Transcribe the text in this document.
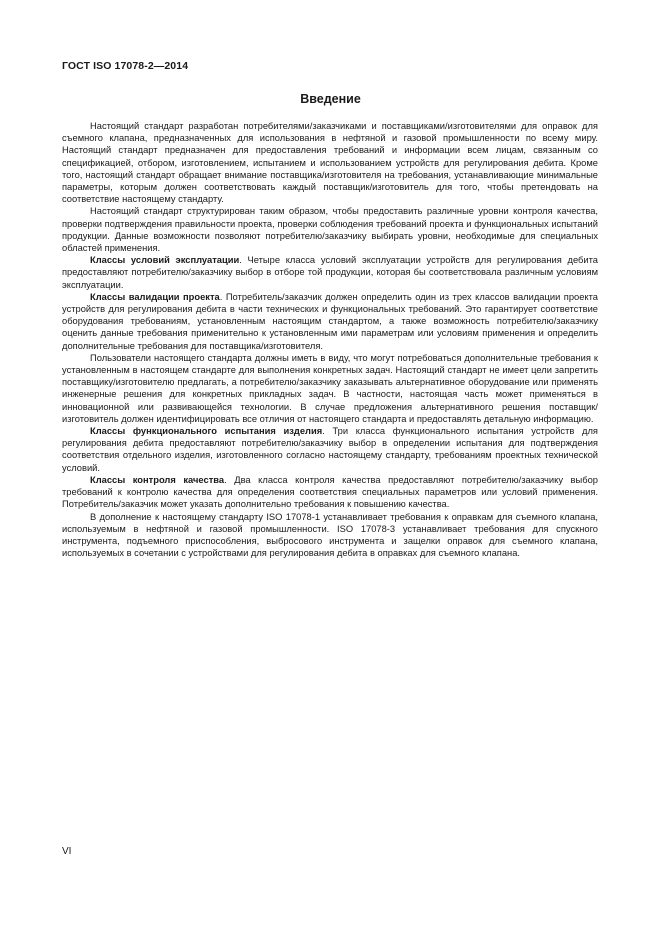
ГОСТ ISO 17078-2—2014
Введение

Настоящий стандарт разработан потребителями/заказчиками и поставщиками/изготовителями для оправок для съемного клапана, предназначенных для использования в нефтяной и газовой промышленности по всему миру. Настоящий стандарт предназначен для предоставления требований и информации всем лицам, связанным со спецификацией, отбором, изготовлением, испытанием и использованием устройств для регулирования дебита. Кроме того, настоящий стандарт обращает внимание поставщика/изготовителя на требования, устанавливающие минимальные параметры, которым должен соответствовать каждый поставщик/изготовитель для того, чтобы претендовать на соответствие настоящему стандарту.

Настоящий стандарт структурирован таким образом, чтобы предоставить различные уровни контроля качества, проверки подтверждения правильности проекта, проверки соблюдения требований проекта и функциональных испытаний продукции. Данные возможности позволяют потребителю/заказчику выбирать уровни, необходимые для специальных областей применения.

Классы условий эксплуатации. Четыре класса условий эксплуатации устройств для регулирования дебита предоставляют потребителю/заказчику выбор в отборе той продукции, которая бы соответствовала различным условиям эксплуатации.

Классы валидации проекта. Потребитель/заказчик должен определить один из трех классов валидации проекта устройств для регулирования дебита в части технических и функциональных требований. Это гарантирует соответствие оборудования требованиям, установленным настоящим стандартом, а также возможность потребителю/заказчику оценить данные требования применительно к установленным ими параметрам или условиям применения и определить дополнительные требования для поставщика/изготовителя.

Пользователи настоящего стандарта должны иметь в виду, что могут потребоваться дополнительные требования к установленным в настоящем стандарте для выполнения конкретных задач. Настоящий стандарт не имеет цели запретить поставщику/изготовителю предлагать, а потребителю/заказчику заказывать альтернативное оборудование или применять инженерные решения для конкретных прикладных задач. В частности, настоящая часть может применяться в инновационной или развивающейся технологии. В случае предложения альтернативного решения поставщик/изготовитель должен идентифицировать все отличия от настоящего стандарта и предоставлять детальную информацию.

Классы функционального испытания изделия. Три класса функционального испытания устройств для регулирования дебита предоставляют потребителю/заказчику выбор в определении испытания для подтверждения соответствия отдельного изделия, изготовленного согласно настоящему стандарту, требованиям проектных технической условий.

Классы контроля качества. Два класса контроля качества предоставляют потребителю/заказчику выбор требований к контролю качества для определения соответствия специальных параметров или условий применения. Потребитель/заказчик может указать дополнительно требования к повышению качества.

В дополнение к настоящему стандарту ISO 17078-1 устанавливает требования к оправкам для съемного клапана, используемым в нефтяной и газовой промышленности. ISO 17078-3 устанавливает требования для спускного инструмента, подъемного приспособления, выбросового инструмента и защелки оправок для съемного клапана, используемых в сочетании с устройствами для регулирования дебита в оправках для съемного клапана.

VI
